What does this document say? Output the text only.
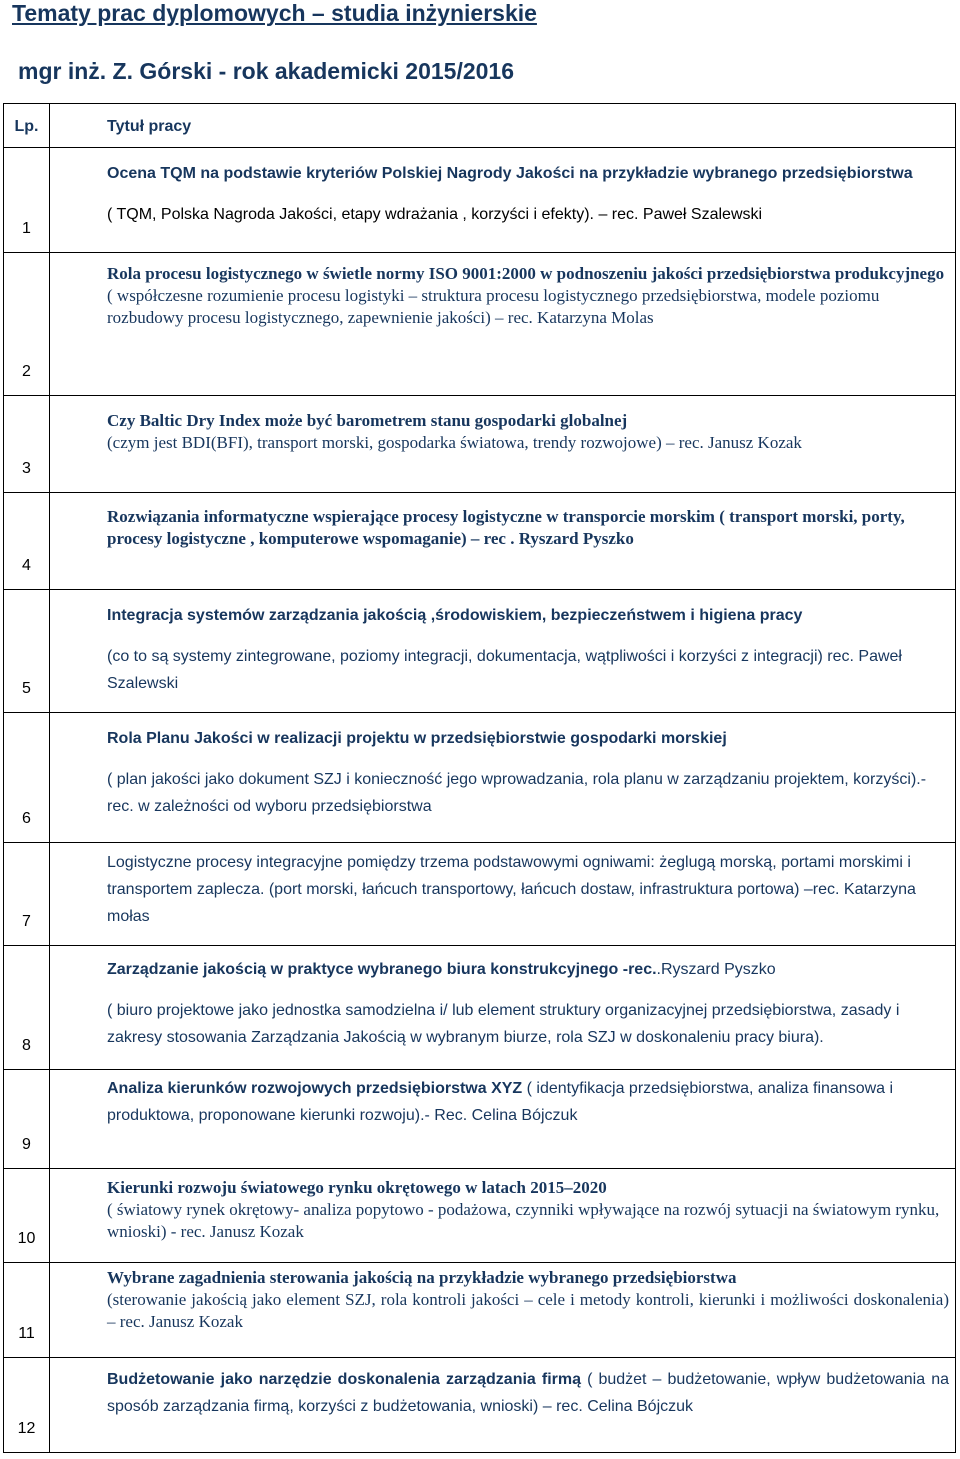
Tematy prac dyplomowych – studia inżynierskie
mgr inż. Z. Górski - rok akademicki 2015/2016
Lp.	Tytuł pracy
1	Ocena TQM na podstawie kryteriów Polskiej Nagrody Jakości na przykładzie wybranego przedsiębiorstwa
( TQM, Polska Nagroda Jakości, etapy wdrażania , korzyści i efekty). – rec. Paweł Szalewski

2	Rola procesu logistycznego w świetle normy ISO 9001:2000 w podnoszeniu jakości przedsiębiorstwa produkcyjnego
( współczesne rozumienie procesu logistyki – struktura procesu logistycznego przedsiębiorstwa, modele poziomu rozbudowy procesu logistycznego, zapewnienie jakości) – rec. Katarzyna Molas

3	Czy Baltic Dry Index może być barometrem stanu gospodarki globalnej
(czym jest BDI(BFI), transport morski, gospodarka światowa, trendy rozwojowe) – rec. Janusz Kozak

4	Rozwiązania informatyczne wspierające procesy logistyczne w transporcie morskim ( transport morski, porty, procesy logistyczne , komputerowe wspomaganie) – rec . Ryszard Pyszko
5	Integracja systemów zarządzania jakością ,środowiskiem, bezpieczeństwem i higiena pracy
(co to są systemy zintegrowane, poziomy integracji, dokumentacja, wątpliwości i korzyści z integracji) rec. Paweł Szalewski

6	Rola Planu Jakości w realizacji projektu w przedsiębiorstwie gospodarki morskiej
( plan jakości jako dokument SZJ i konieczność jego wprowadzania, rola planu w zarządzaniu projektem, korzyści).- rec. w zależności od wyboru przedsiębiorstwa

7	Logistyczne procesy integracyjne pomiędzy trzema podstawowymi ogniwami: żeglugą morską, portami morskimi i transportem zaplecza. (port morski, łańcuch transportowy, łańcuch dostaw, infrastruktura portowa) –rec. Katarzyna mołas

8	Zarządzanie jakością w praktyce wybranego biura konstrukcyjnego -rec..Ryszard Pyszko
( biuro projektowe jako jednostka samodzielna i/ lub element struktury organizacyjnej przedsiębiorstwa, zasady i zakresy stosowania Zarządzania Jakością w wybranym biurze, rola SZJ w doskonaleniu pracy biura).

9	Analiza kierunków rozwojowych przedsiębiorstwa XYZ ( identyfikacja przedsiębiorstwa, analiza finansowa i produktowa, proponowane kierunki rozwoju).- Rec. Celina Bójczuk
10	Kierunki rozwoju światowego rynku okrętowego w latach 2015–2020
( światowy rynek okrętowy- analiza popytowo - podażowa, czynniki wpływające na rozwój sytuacji na światowym rynku, wnioski) - rec. Janusz Kozak

11	Wybrane zagadnienia sterowania jakością na przykładzie wybranego przedsiębiorstwa
(sterowanie jakością jako element SZJ, rola kontroli jakości – cele i metody kontroli, kierunki i możliwości doskonalenia) – rec. Janusz Kozak

12	Budżetowanie jako narzędzie doskonalenia zarządzania firmą ( budżet – budżetowanie, wpływ budżetowania na sposób zarządzania firmą, korzyści z budżetowania, wnioski) – rec. Celina Bójczuk
